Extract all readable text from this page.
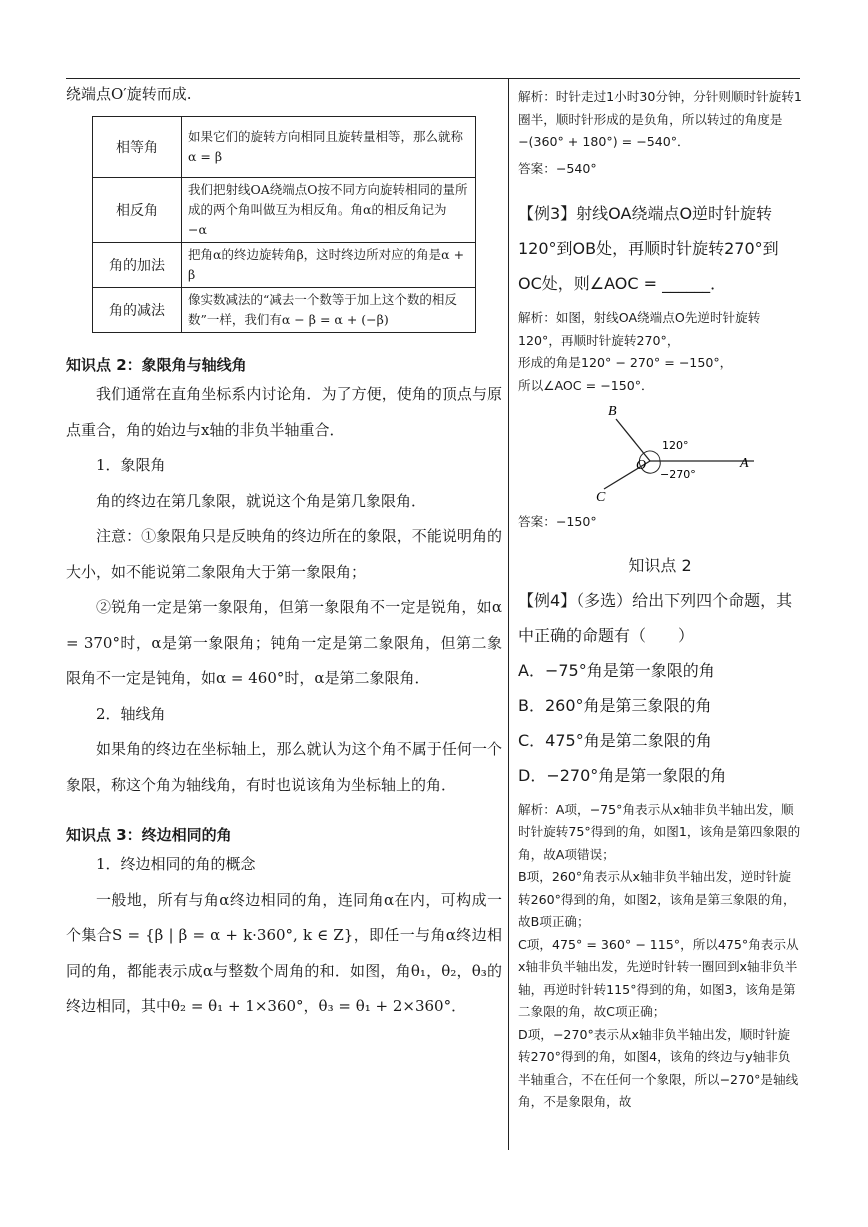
绕端点O′旋转而成.

相等角	如果它们的旋转方向相同且旋转量相等，那么就称α = β
相反角	我们把射线OA绕端点O按不同方向旋转相同的量所成的两个角叫做互为相反角。角α的相反角记为 −α
角的加法	把角α的终边旋转角β，这时终边所对应的角是α + β
角的减法	像实数减法的“减去一个数等于加上这个数的相反数”一样，我们有α − β = α + (−β)

知识点 2：象限角与轴线角

我们通常在直角坐标系内讨论角．为了方便，使角的顶点与原点重合，角的始边与x轴的非负半轴重合．

1．象限角

角的终边在第几象限，就说这个角是第几象限角．

注意：①象限角只是反映角的终边所在的象限，不能说明角的大小，如不能说第二象限角大于第一象限角；

②锐角一定是第一象限角，但第一象限角不一定是锐角，如α = 370°时，α是第一象限角；钝角一定是第二象限角，但第二象限角不一定是钝角，如α = 460°时，α是第二象限角．

2．轴线角

如果角的终边在坐标轴上，那么就认为这个角不属于任何一个象限，称这个角为轴线角，有时也说该角为坐标轴上的角．

知识点 3：终边相同的角

1．终边相同的角的概念

一般地，所有与角α终边相同的角，连同角α在内，可构成一个集合S = {β | β = α + k·360°, k ∈ Z}，即任一与角α终边相同的角，都能表示成α与整数个周角的和．如图，角θ₁，θ₂，θ₃的终边相同，其中θ₂ = θ₁ + 1×360°，θ₃ = θ₁ + 2×360°．

解析：时针走过1小时30分钟，分针则顺时针旋转1圈半，顺时针形成的是负角，所以转过的角度是 −(360° + 180°) = −540°．

答案：−540°

【例3】射线OA绕端点O逆时针旋转120°到OB处，再顺时针旋转270°到OC处，则∠AOC = ______．

解析：如图，射线OA绕端点O先逆时针旋转120°，再顺时针旋转270°，

形成的角是120° − 270° = −150°，

所以∠AOC = −150°．

B
O	A
C
120°
−270°

答案：−150°

知识点 2

【例4】（多选）给出下列四个命题，其中正确的命题有（　　）

A．−75°角是第一象限的角

B．260°角是第三象限的角

C．475°角是第二象限的角

D．−270°角是第一象限的角

解析：A项，−75°角表示从x轴非负半轴出发，顺时针旋转75°得到的角，如图1，该角是第四象限的角，故A项错误；

B项，260°角表示从x轴非负半轴出发，逆时针旋转260°得到的角，如图2，该角是第三象限的角，故B项正确；

C项，475° = 360° − 115°，所以475°角表示从x轴非负半轴出发，先逆时针转一圈回到x轴非负半轴，再逆时针转115°得到的角，如图3，该角是第二象限的角，故C项正确；

D项，−270°表示从x轴非负半轴出发，顺时针旋转270°得到的角，如图4，该角的终边与y轴非负半轴重合，不在任何一个象限，所以−270°是轴线角，不是象限角，故
